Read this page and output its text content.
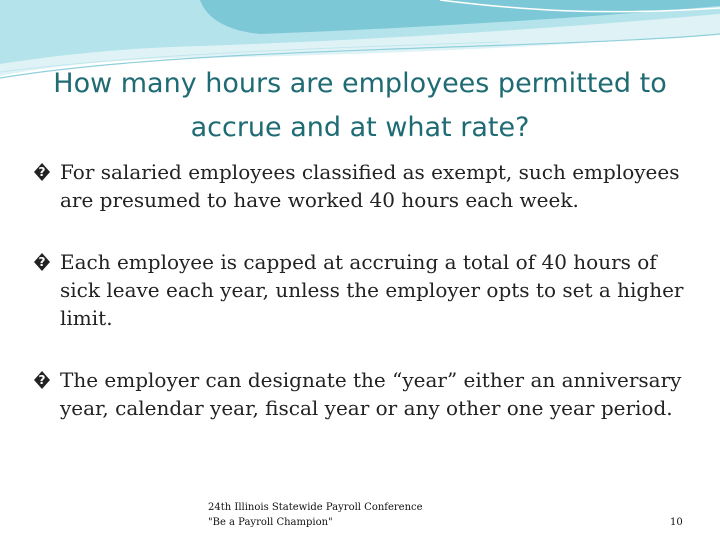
How many hours are employees permitted to accrue and at what rate?
? For salaried employees classified as exempt, such employees are presumed to have worked 40 hours each week.
? Each employee is capped at accruing a total of 40 hours of sick leave each year, unless the employer opts to set a higher limit.
? The employer can designate the “year” either an anniversary year, calendar year, fiscal year or any other one year period.
24th Illinois Statewide Payroll Conference
"Be a Payroll Champion"	10
